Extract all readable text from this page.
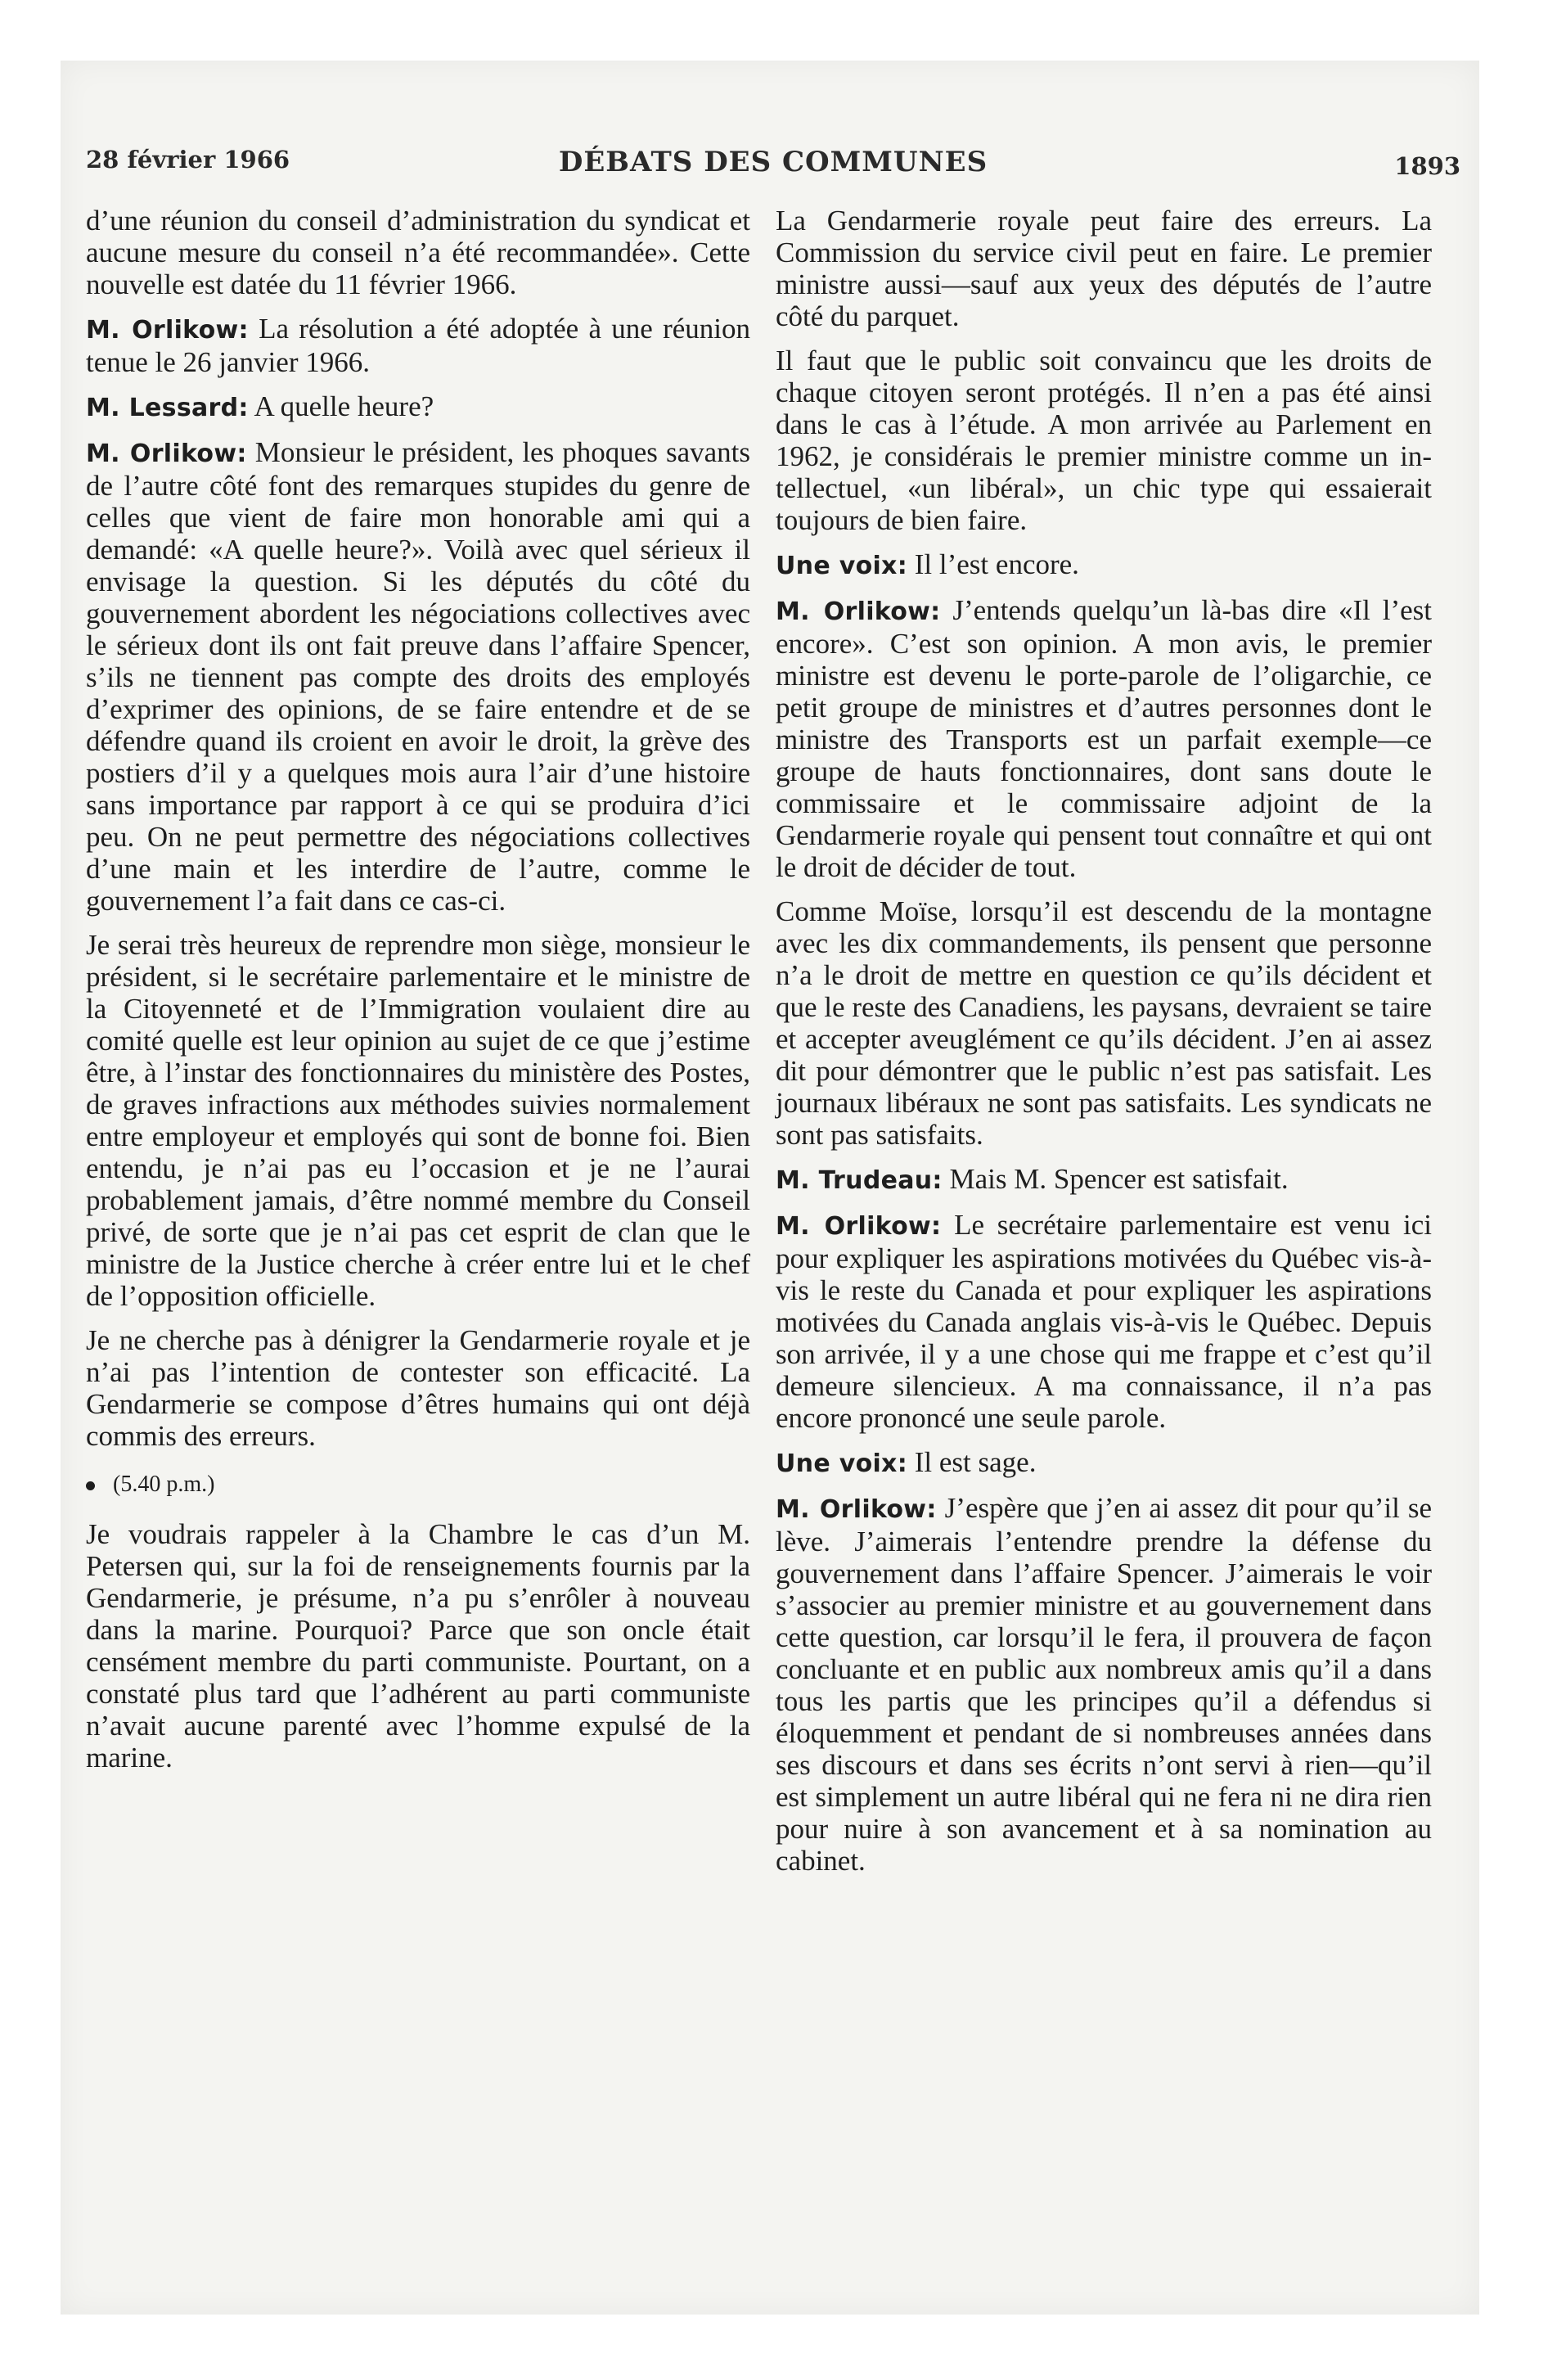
28 février 1966	DÉBATS DES COMMUNES	1893

d’une réunion du conseil d’administration du syndicat et aucune mesure du conseil n’a été recommandée». Cette nouvelle est datée du 11 février 1966.

M. Orlikow: La résolution a été adoptée à une réunion tenue le 26 janvier 1966.

M. Lessard: A quelle heure?

M. Orlikow: Monsieur le président, les phoques savants de l’autre côté font des remarques stupides du genre de celles que vient de faire mon honorable ami qui a demandé: «A quelle heure?». Voilà avec quel sérieux il envisage la question. Si les députés du côté du gouvernement abordent les négociations collectives avec le sérieux dont ils ont fait preuve dans l’affaire Spencer, s’ils ne tiennent pas compte des droits des employés d’exprimer des opinions, de se faire entendre et de se défendre quand ils croient en avoir le droit, la grève des postiers d’il y a quelques mois aura l’air d’une histoire sans importance par rapport à ce qui se produira d’ici peu. On ne peut permettre des négociations collectives d’une main et les interdire de l’autre, comme le gouvernement l’a fait dans ce cas-ci.

Je serai très heureux de reprendre mon siège, monsieur le président, si le secrétaire parlementaire et le ministre de la Citoyenneté et de l’Immigration voulaient dire au comité quelle est leur opinion au sujet de ce que j’estime être, à l’instar des fonctionnaires du ministère des Postes, de graves infractions aux méthodes suivies normalement entre employeur et employés qui sont de bonne foi. Bien entendu, je n’ai pas eu l’occasion et je ne l’aurai probablement jamais, d’être nommé membre du Conseil privé, de sorte que je n’ai pas cet esprit de clan que le ministre de la Justice cherche à créer entre lui et le chef de l’opposition officielle.

Je ne cherche pas à dénigrer la Gendarmerie royale et je n’ai pas l’intention de contester son efficacité. La Gendarmerie se compose d’êtres humains qui ont déjà commis des erreurs.

(5.40 p.m.)

Je voudrais rappeler à la Chambre le cas d’un M. Petersen qui, sur la foi de renseignements fournis par la Gendarmerie, je présume, n’a pu s’enrôler à nouveau dans la marine. Pourquoi? Parce que son oncle était censément membre du parti communiste. Pourtant, on a constaté plus tard que l’adhérent au parti communiste n’avait aucune parenté avec l’homme expulsé de la marine.

La Gendarmerie royale peut faire des erreurs. La Commission du service civil peut en faire. Le premier ministre aussi—sauf aux yeux des députés de l’autre côté du parquet.

Il faut que le public soit convaincu que les droits de chaque citoyen seront protégés. Il n’en a pas été ainsi dans le cas à l’étude. A mon arrivée au Parlement en 1962, je considérais le premier ministre comme un intellectuel, «un libéral», un chic type qui essaierait toujours de bien faire.

Une voix: Il l’est encore.

M. Orlikow: J’entends quelqu’un là-bas dire «Il l’est encore». C’est son opinion. A mon avis, le premier ministre est devenu le porte-parole de l’oligarchie, ce petit groupe de ministres et d’autres personnes dont le ministre des Transports est un parfait exemple—ce groupe de hauts fonctionnaires, dont sans doute le commissaire et le commissaire adjoint de la Gendarmerie royale qui pensent tout connaître et qui ont le droit de décider de tout.

Comme Moïse, lorsqu’il est descendu de la montagne avec les dix commandements, ils pensent que personne n’a le droit de mettre en question ce qu’ils décident et que le reste des Canadiens, les paysans, devraient se taire et accepter aveuglément ce qu’ils décident. J’en ai assez dit pour démontrer que le public n’est pas satisfait. Les journaux libéraux ne sont pas satisfaits. Les syndicats ne sont pas satisfaits.

M. Trudeau: Mais M. Spencer est satisfait.

M. Orlikow: Le secrétaire parlementaire est venu ici pour expliquer les aspirations motivées du Québec vis-à-vis le reste du Canada et pour expliquer les aspirations motivées du Canada anglais vis-à-vis le Québec. Depuis son arrivée, il y a une chose qui me frappe et c’est qu’il demeure silencieux. A ma connaissance, il n’a pas encore prononcé une seule parole.

Une voix: Il est sage.

M. Orlikow: J’espère que j’en ai assez dit pour qu’il se lève. J’aimerais l’entendre prendre la défense du gouvernement dans l’affaire Spencer. J’aimerais le voir s’associer au premier ministre et au gouvernement dans cette question, car lorsqu’il le fera, il prouvera de façon concluante et en public aux nombreux amis qu’il a dans tous les partis que les principes qu’il a défendus si éloquemment et pendant de si nombreuses années dans ses discours et dans ses écrits n’ont servi à rien—qu’il est simplement un autre libéral qui ne fera ni ne dira rien pour nuire à son avancement et à sa nomination au cabinet.
